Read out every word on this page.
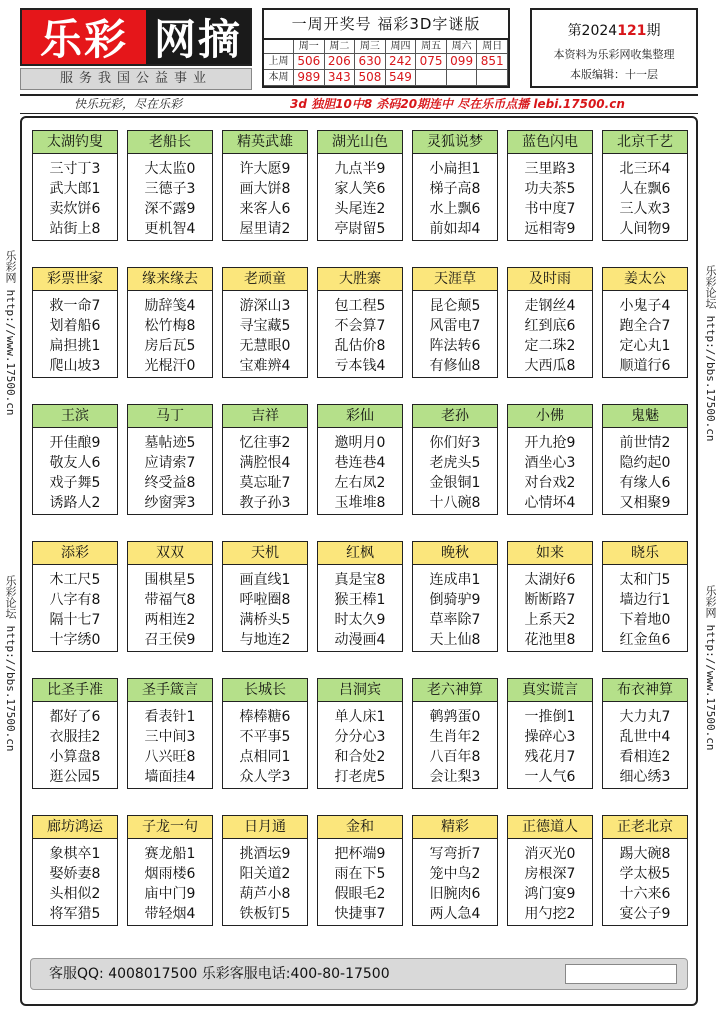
乐彩 网摘
服务我国公益事业
一周开奖号 福彩3D字谜版
周一	周二	周三	周四	周五	周六	周日
上周 506 206 630 242 075 099 851
本周 989 343 508 549
第2024121期
本资料为乐彩网收集整理
本版编辑：十一层
快乐玩彩，尽在乐彩	3d 独胆10中8 杀码20期连中 尽在乐币点播 lebi.17500.cn
乐彩网 http://www.17500.cn
乐彩论坛 http://bbs.17500.cn
乐彩论坛 http://bbs.17500.cn
乐彩网 http://www.17500.cn
太湖钓叟
三寸丁3
武大郎1
卖炊饼6
站街上8
老船长
大太监0
三德子3
深不露9
更机智4
精英武雄
许大愿9
画大饼8
来客人6
屋里请2
湖光山色
九点半9
家人笑6
头尾连2
亭尉留5
灵狐说梦
小扁担1
梯子高8
水上飘6
前如却4
蓝色闪电
三里路3
功夫茶5
书中度7
远相寄9
北京千艺
北三环4
人在飘6
三人欢3
人间物9
彩票世家
救一命7
划着船6
扁担挑1
爬山坡3
缘来缘去
励辞笺4
松竹梅8
房后瓦5
光棍汗0
老顽童
游深山3
寻宝藏5
无慧眼0
宝难辨4
大胜寨
包工程5
不会算7
乱估价8
亏本钱4
天涯草
昆仑颠5
风雷电7
阵法转6
有修仙8
及时雨
走钢丝4
红到底6
定二珠2
大西瓜8
姜太公
小鬼子4
跑全合7
定心丸1
顺道行6
王滨
开佳酿9
敬友人6
戏子舞5
诱路人2
马丁
墓帖迹5
应请索7
终受益8
纱窗霁3
吉祥
忆往事2
满腔恨4
莫忘耻7
教子孙3
彩仙
邀明月0
巷连巷4
左右凤2
玉堆堆8
老孙
你们好3
老虎头5
金银铜1
十八碗8
小佛
开九抢9
酒坐心3
对台戏2
心情坏4
鬼魅
前世情2
隐约起0
有缘人6
又相聚9
添彩
木工尺5
八字有8
隔十七7
十字绣0
双双
围棋星5
带福气8
两相连2
召王侯9
天机
画直线1
呼啦圈8
满桥头5
与地连2
红枫
真是宝8
猴王棒1
时太久9
动漫画4
晚秋
连成串1
倒骑驴9
草率除7
天上仙8
如来
太湖好6
断断路7
上系天2
花池里8
晓乐
太和门5
墙边行1
下着地0
红金鱼6
比圣手准
都好了6
衣服挂2
小算盘8
逛公园5
圣手箴言
看表针1
三中间3
八兴旺8
墙面挂4
长城长
棒棒糖6
不平事5
点相同1
众人学3
吕洞宾
单人床1
分分心3
和合处2
打老虎5
老六神算
鹌鹑蛋0
生肖年2
八百年8
会让梨3
真实谎言
一推倒1
操碎心3
残花月7
一人气6
布衣神算
大力丸7
乱世中4
看相连2
细心绣3
廊坊鸿运
象棋卒1
娶娇妻8
头相似2
将军猎5
子龙一句
赛龙船1
烟雨楼6
庙中门9
带轻烟4
日月通
挑酒坛9
阳关道2
葫芦小8
铁板钉5
金和
把杯端9
雨在下5
假眼毛2
快捷事7
精彩
写弯折7
笼中鸟2
旧腕肉6
两人急4
正德道人
消灭光0
房根深7
鸿门宴9
用勺挖2
正老北京
踢大碗8
学太极5
十六来6
宴公子9
客服QQ: 4008017500 乐彩客服电话:400-80-17500
